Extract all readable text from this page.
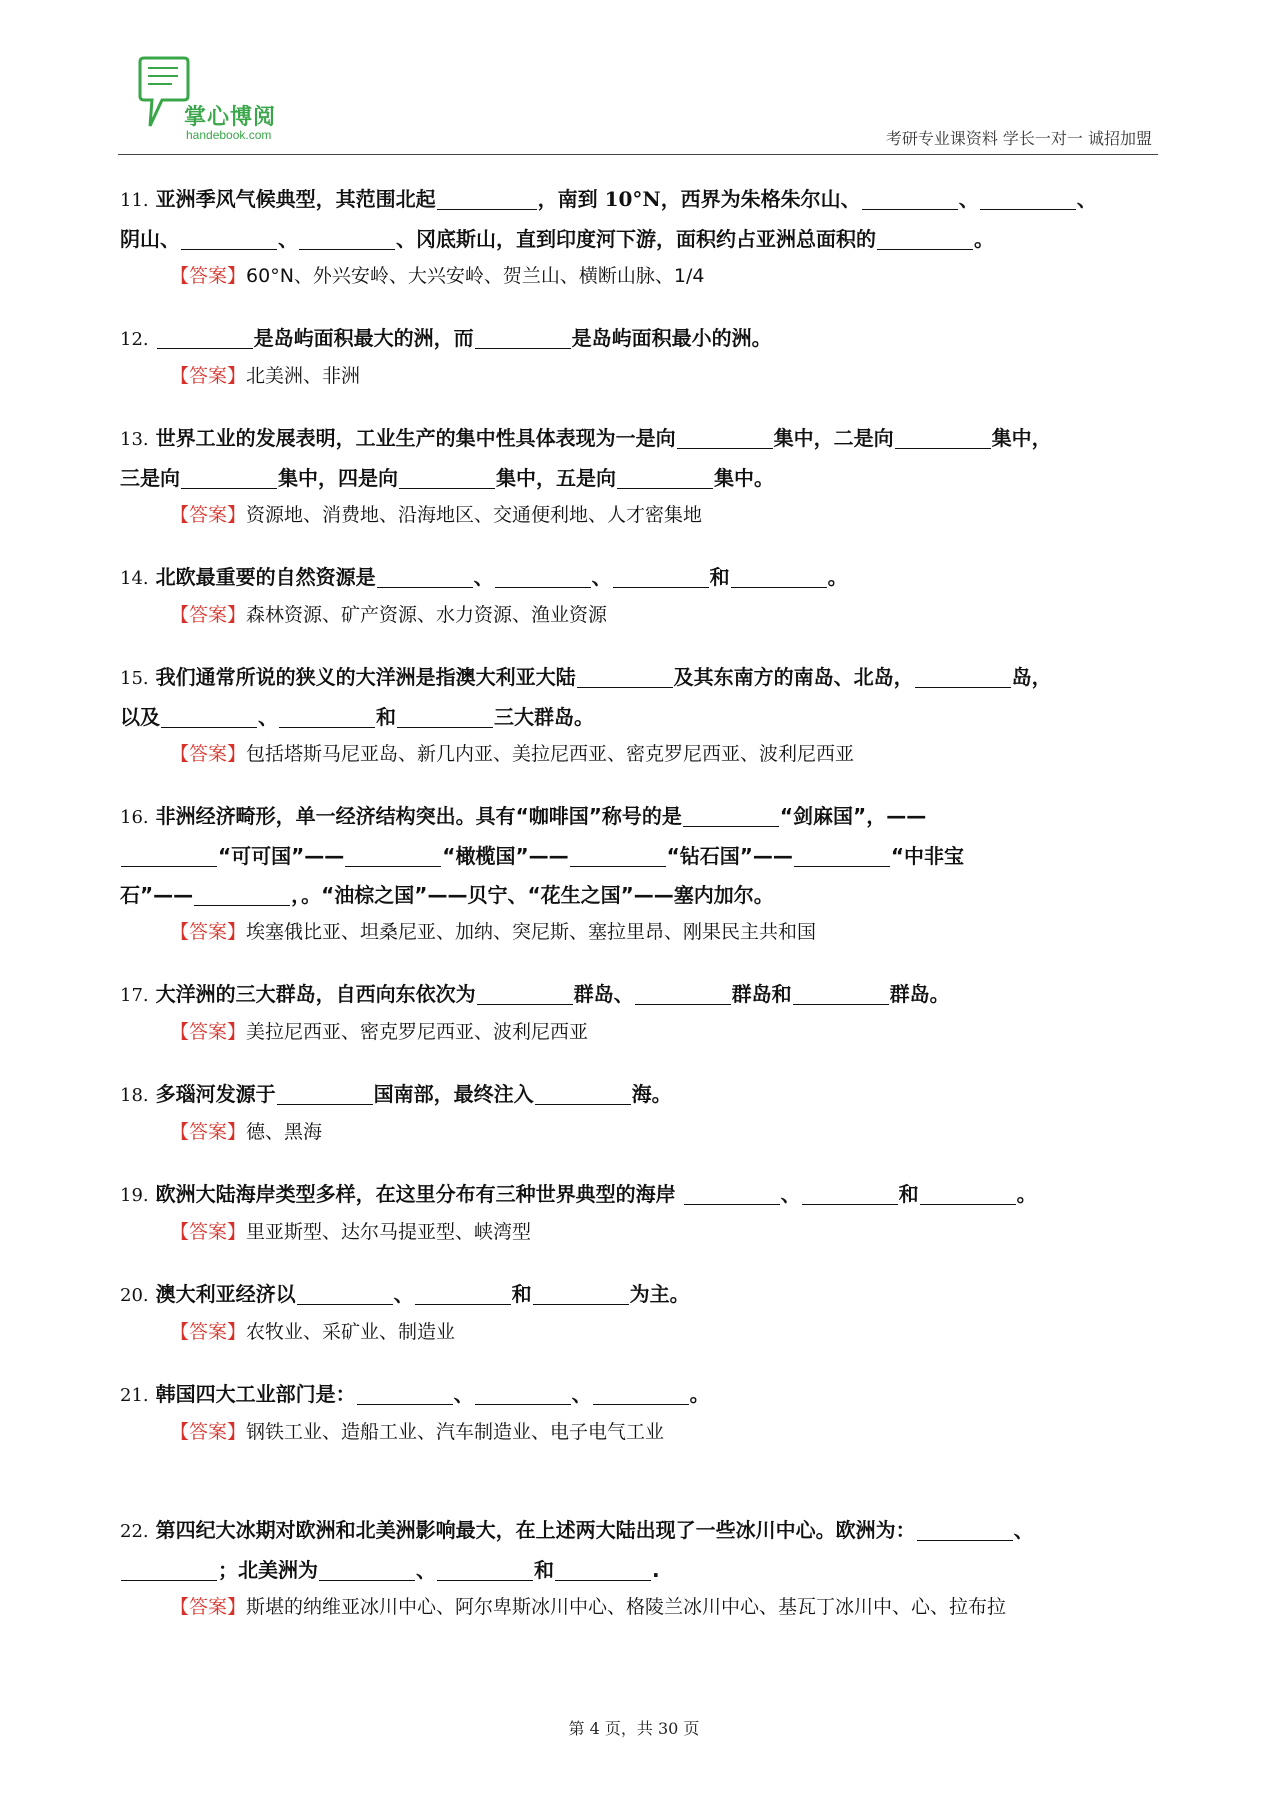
掌心博阅
handebook.com	考研专业课资料 学长一对一 诚招加盟

11. 亚洲季风气候典型，其范围北起	，南到 10°N，西界为朱格朱尔山、	、	、
阴山、	、	、冈底斯山，直到印度河下游，面积约占亚洲总面积的	。

【答案】60°N、外兴安岭、大兴安岭、贺兰山、横断山脉、1/4

12.	是岛屿面积最大的洲，而	是岛屿面积最小的洲。

【答案】北美洲、非洲

13. 世界工业的发展表明，工业生产的集中性具体表现为一是向	集中，二是向	集中，
三是向	集中，四是向	集中，五是向	集中。

【答案】资源地、消费地、沿海地区、交通便利地、人才密集地

14. 北欧最重要的自然资源是	、	、	和	。

【答案】森林资源、矿产资源、水力资源、渔业资源

15. 我们通常所说的狭义的大洋洲是指澳大利亚大陆	及其东南方的南岛、北岛，	岛，
以及	、	和	三大群岛。

【答案】包括塔斯马尼亚岛、新几内亚、美拉尼西亚、密克罗尼西亚、波利尼西亚

16. 非洲经济畸形，单一经济结构突出。具有“咖啡国”称号的是	“剑麻国”，——
“可可国”——	“橄榄国”——	“钻石国”——	“中非宝
石”——	，。“油棕之国”——贝宁、“花生之国”——塞内加尔。

【答案】埃塞俄比亚、坦桑尼亚、加纳、突尼斯、塞拉里昂、刚果民主共和国

17. 大洋洲的三大群岛，自西向东依次为	群岛、	群岛和	群岛。

【答案】美拉尼西亚、密克罗尼西亚、波利尼西亚

18. 多瑙河发源于	国南部，最终注入	海。

【答案】德、黑海

19. 欧洲大陆海岸类型多样，在这里分布有三种世界典型的海岸	、	和	。

【答案】里亚斯型、达尔马提亚型、峡湾型

20. 澳大利亚经济以	、	和	为主。

【答案】农牧业、采矿业、制造业

21. 韩国四大工业部门是：	、	、	。

【答案】钢铁工业、造船工业、汽车制造业、电子电气工业

22. 第四纪大冰期对欧洲和北美洲影响最大，在上述两大陆出现了一些冰川中心。欧洲为：	、
；北美洲为	、	和	.

【答案】斯堪的纳维亚冰川中心、阿尔卑斯冰川中心、格陵兰冰川中心、基瓦丁冰川中、心、拉布拉

第 4 页，共 30 页
